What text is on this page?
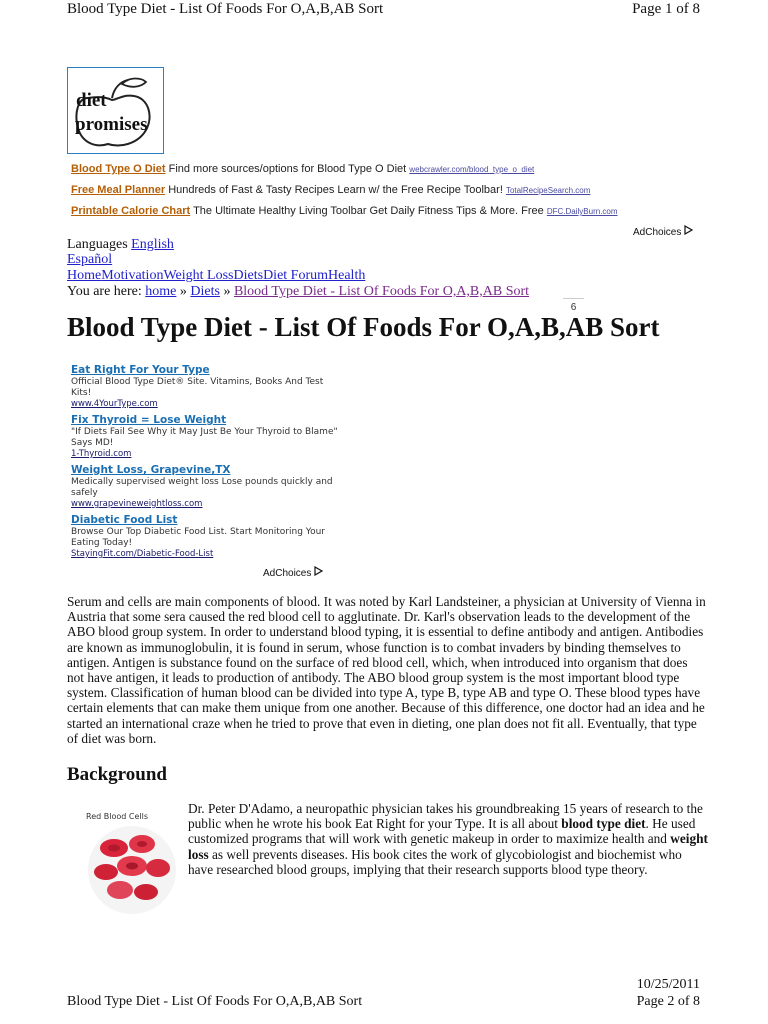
Blood Type Diet - List Of Foods For O,A,B,AB Sort	Page 1 of 8
diet
promises
Blood Type O Diet Find more sources/options for Blood Type O Diet webcrawler.com/blood_type_o_diet
Free Meal Planner Hundreds of Fast & Tasty Recipes Learn w/ the Free Recipe Toolbar! TotalRecipeSearch.com
Printable Calorie Chart The Ultimate Healthy Living Toolbar Get Daily Fitness Tips & More. Free DFC.DailyBurn.com
AdChoices
Languages English
Español
HomeMotivationWeight LossDietsDiet ForumHealth
You are here: home » Diets » Blood Type Diet - List Of Foods For O,A,B,AB Sort
6
Blood Type Diet - List Of Foods For O,A,B,AB Sort
Eat Right For Your Type
Official Blood Type Diet® Site. Vitamins, Books And Test Kits!
www.4YourType.com
Fix Thyroid = Lose Weight
"If Diets Fail See Why it May Just Be Your Thyroid to Blame" Says MD!
1-Thyroid.com
Weight Loss, Grapevine,TX
Medically supervised weight loss Lose pounds quickly and safely
www.grapevineweightloss.com
Diabetic Food List
Browse Our Top Diabetic Food List. Start Monitoring Your Eating Today!
StayingFit.com/Diabetic-Food-List
AdChoices
Serum and cells are main components of blood. It was noted by Karl Landsteiner, a physician at University of Vienna in Austria that some sera caused the red blood cell to agglutinate. Dr. Karl's observation leads to the development of the ABO blood group system. In order to understand blood typing, it is essential to define antibody and antigen. Antibodies are known as immunoglobulin, it is found in serum, whose function is to combat invaders by binding themselves to antigen. Antigen is substance found on the surface of red blood cell, which, when introduced into organism that does not have antigen, it leads to production of antibody. The ABO blood group system is the most important blood type system. Classification of human blood can be divided into type A, type B, type AB and type O. These blood types have certain elements that can make them unique from one another. Because of this difference, one doctor had an idea and he started an international craze when he tried to prove that even in dieting, one plan does not fit all. Eventually, that type of diet was born.
Background
Red Blood Cells
Dr. Peter D'Adamo, a neuropathic physician takes his groundbreaking 15 years of research to the public when he wrote his book Eat Right for your Type. It is all about blood type diet. He used customized programs that will work with genetic makeup in order to maximize health and weight loss as well prevents diseases. His book cites the work of glycobiologist and biochemist who have researched blood groups, implying that their research supports blood type theory.
10/25/2011
Blood Type Diet - List Of Foods For O,A,B,AB Sort	Page 2 of 8
